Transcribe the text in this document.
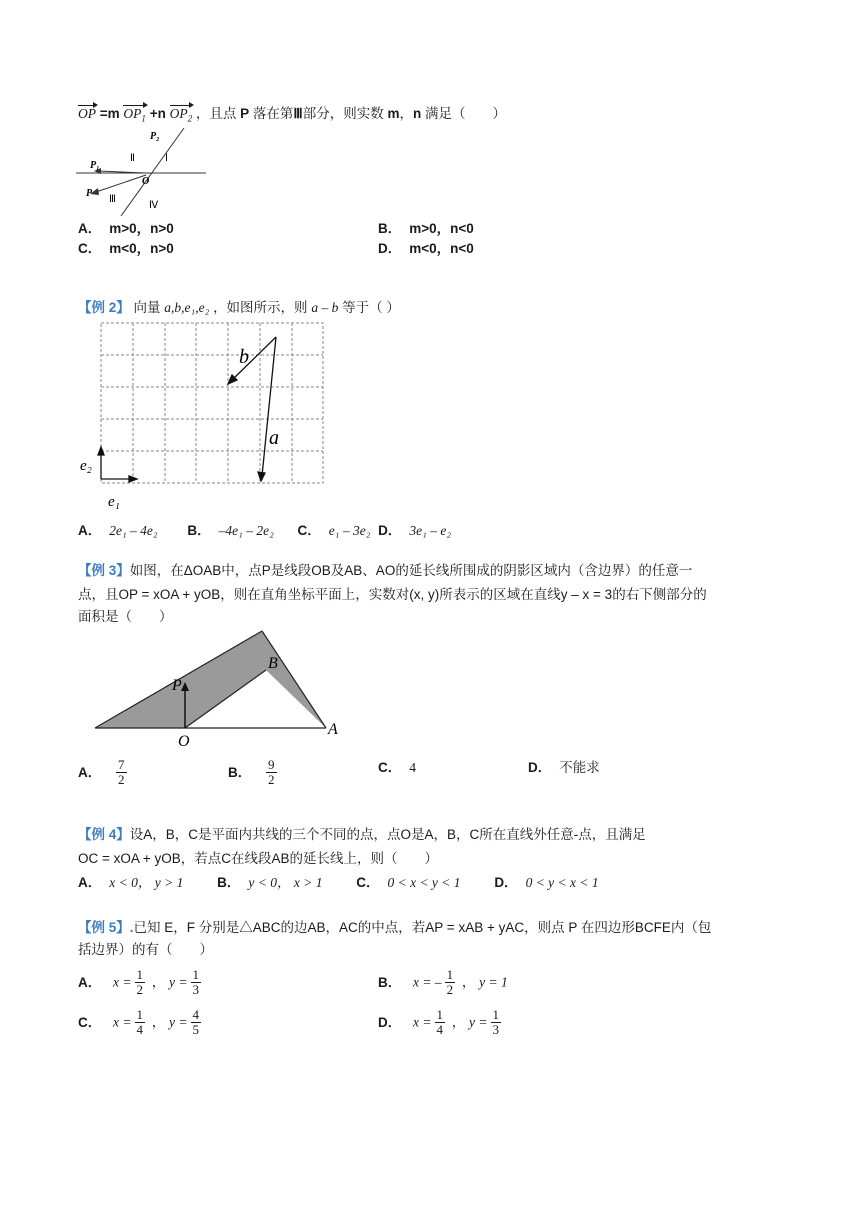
OP =m $OP_1 +n$ $OP_2$ ，且点 P 落在第Ⅲ部分，则实数 m，n 满足（　　）
P₂
P₁
P
O
Ⅰ
Ⅱ
Ⅲ
Ⅳ
A． m>0，n>0	B． m>0，n<0
C． m<0，n>0	D． m<0，n<0
【例 2】 向量 a,b,e₁,e₂ ，如图所示，则 a – b 等于（ ）
b
a
e₂
e₁
A． 2e₁ – 4e₂ B． –4e₁ – 2e₂ C． e₁ – 3e₂ D． 3e₁ – e₂
【例 3】如图，在ΔOAB中，点P是线段OB及AB、AO的延长线所围成的阴影区域内（含边界）的任意一
点，且OP = xOA + yOB，则在直角坐标平面上，实数对(x, y)所表示的区域在直线y – x = 3的右下侧部分的
面积是（　　）
B
P
O
A
A． $\frac{7}{2}$	B． $\frac{9}{2}$	C． 4	D． 不能求
【例 4】设A，B，C是平面内共线的三个不同的点，点O是A，B，C所在直线外任意-点，且满足
OC = xOA + yOB，若点C在线段AB的延长线上，则（　　）
A． x < 0， y > 1	B． y < 0， x > 1	C． 0 < x < y < 1	D． 0 < y < x < 1
【例 5】.已知 E，F 分别是△ABC的边AB，AC的中点，若AP = xAB + yAC，则点 P 在四边形BCFE内（包
括边界）的有（　　）
A． $x = \frac{1}{2}$ ， $y = \frac{1}{3}$	B． x = – $\frac{1}{2}$ ， y = 1
C． $x = \frac{1}{4}$ ， $y = \frac{4}{5}$	D． $x = \frac{1}{4}$ ， $y = \frac{1}{3}$
